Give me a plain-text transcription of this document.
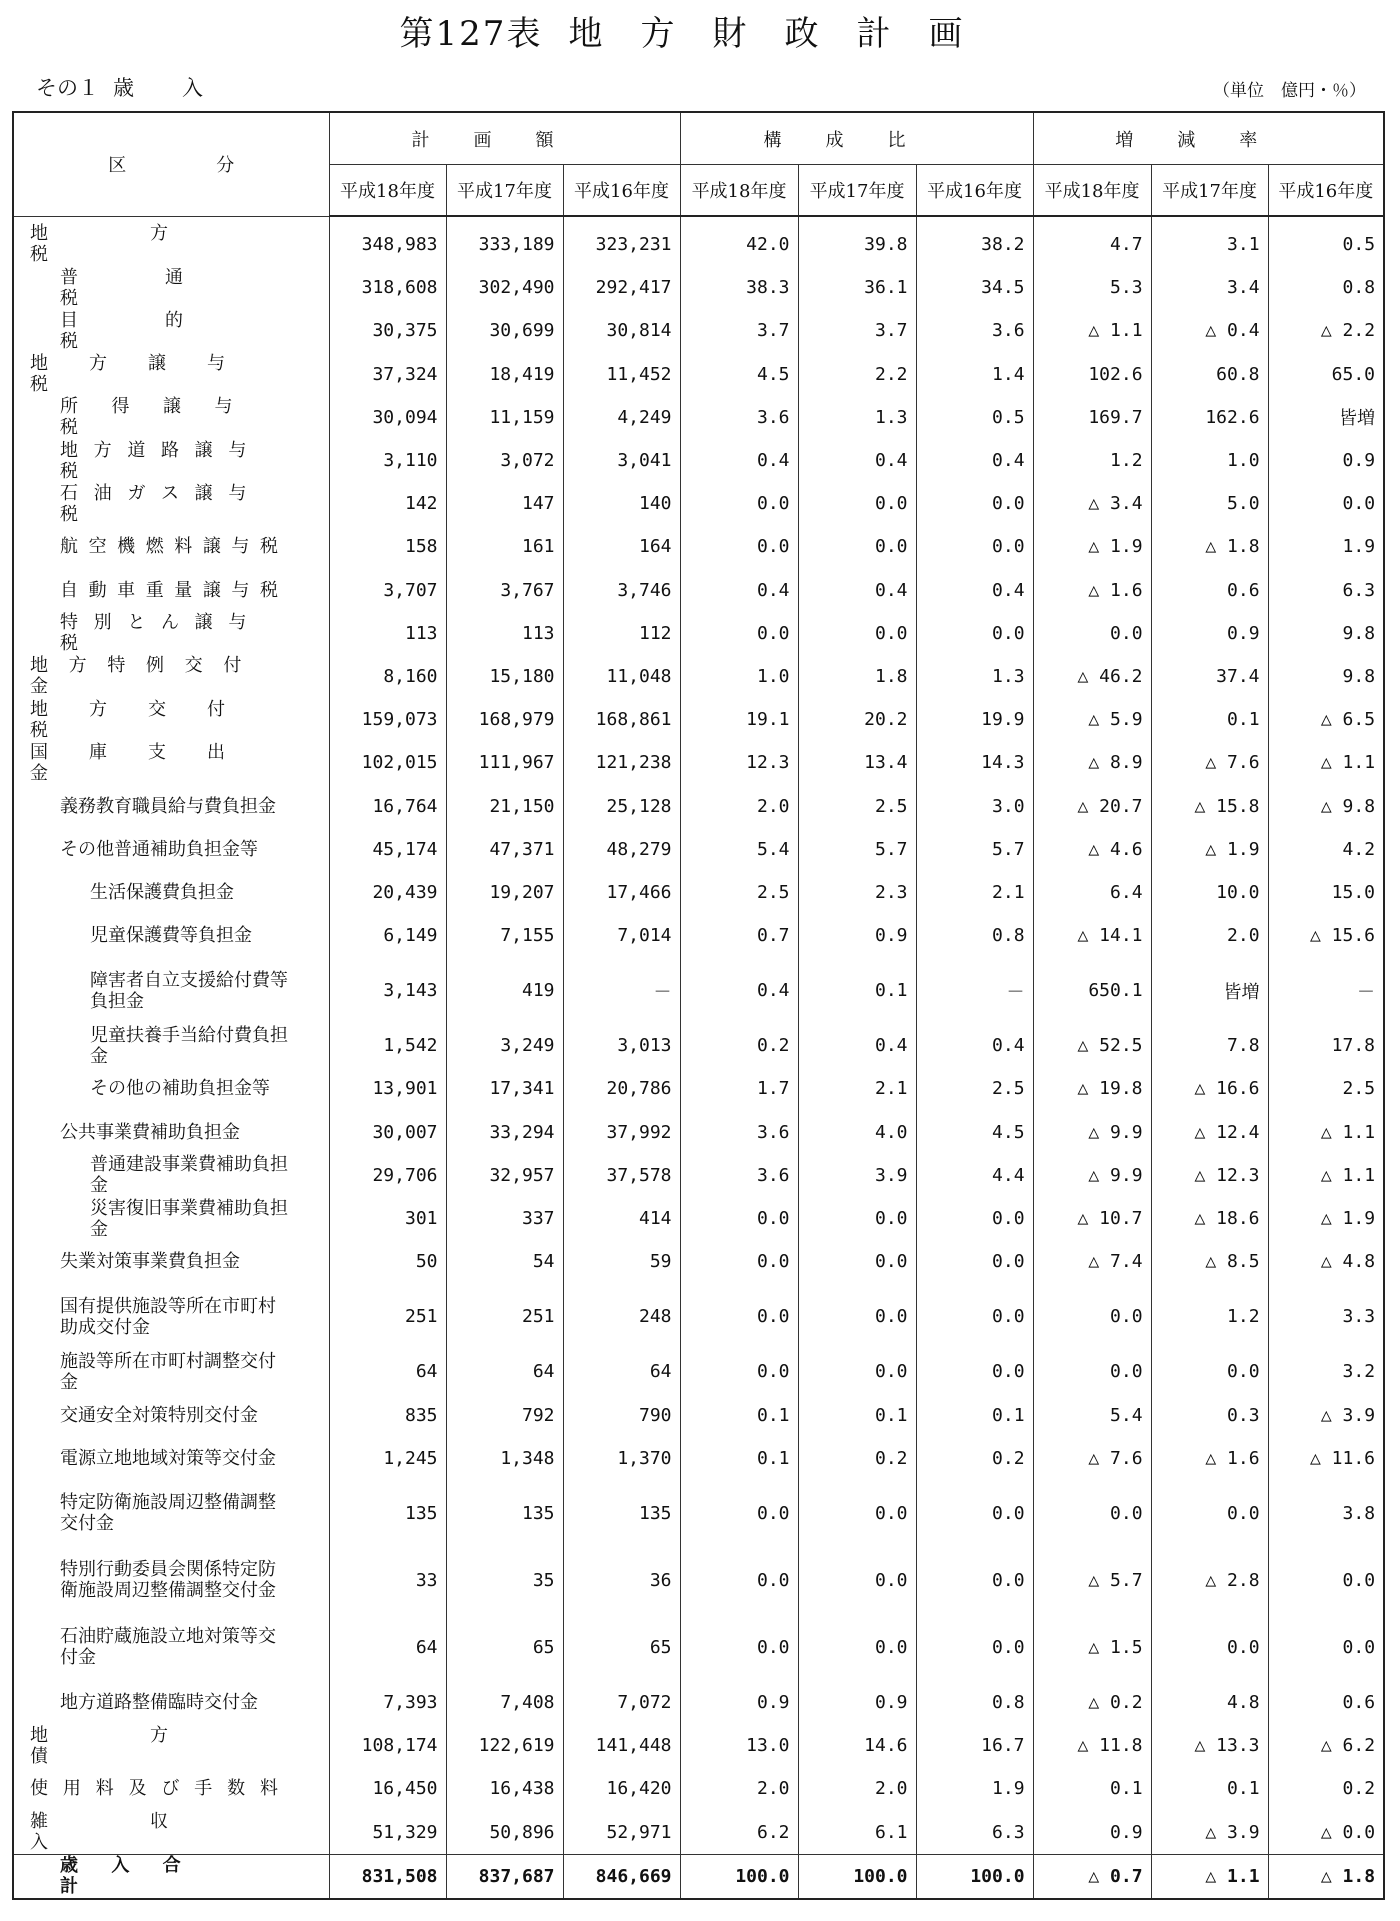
第127表 地方財政計画
その１ 歳入	（単位　億円・％）
区　　　　　分	計画額			構成比			増減率		
	平成18年度	平成17年度	平成16年度	平成18年度	平成17年度	平成16年度	平成18年度	平成17年度	平成16年度
地方税	348,983	333,189	323,231	42.0	39.8	38.2	4.7	3.1	0.5
普通税	318,608	302,490	292,417	38.3	36.1	34.5	5.3	3.4	0.8
目的税	30,375	30,699	30,814	3.7	3.7	3.6	△ 1.1	△ 0.4	△ 2.2
地方譲与税	37,324	18,419	11,452	4.5	2.2	1.4	102.6	60.8	65.0
所得譲与税	30,094	11,159	4,249	3.6	1.3	0.5	169.7	162.6	皆増
地方道路譲与税	3,110	3,072	3,041	0.4	0.4	0.4	1.2	1.0	0.9
石油ガス譲与税	142	147	140	0.0	0.0	0.0	△ 3.4	5.0	0.0
航空機燃料譲与税	158	161	164	0.0	0.0	0.0	△ 1.9	△ 1.8	1.9
自動車重量譲与税	3,707	3,767	3,746	0.4	0.4	0.4	△ 1.6	0.6	6.3
特別とん譲与税	113	113	112	0.0	0.0	0.0	0.0	0.9	9.8
地方特例交付金	8,160	15,180	11,048	1.0	1.8	1.3	△ 46.2	37.4	9.8
地方交付税	159,073	168,979	168,861	19.1	20.2	19.9	△ 5.9	0.1	△ 6.5
国庫支出金	102,015	111,967	121,238	12.3	13.4	14.3	△ 8.9	△ 7.6	△ 1.1
義務教育職員給与費負担金	16,764	21,150	25,128	2.0	2.5	3.0	△ 20.7	△ 15.8	△ 9.8
その他普通補助負担金等	45,174	47,371	48,279	5.4	5.7	5.7	△ 4.6	△ 1.9	4.2
生活保護費負担金	20,439	19,207	17,466	2.5	2.3	2.1	6.4	10.0	15.0
児童保護費等負担金	6,149	7,155	7,014	0.7	0.9	0.8	△ 14.1	2.0	△ 15.6
障害者自立支援給付費等負担金	3,143	419	－	0.4	0.1	－	650.1	皆増	－
児童扶養手当給付費負担金	1,542	3,249	3,013	0.2	0.4	0.4	△ 52.5	7.8	17.8
その他の補助負担金等	13,901	17,341	20,786	1.7	2.1	2.5	△ 19.8	△ 16.6	2.5
公共事業費補助負担金	30,007	33,294	37,992	3.6	4.0	4.5	△ 9.9	△ 12.4	△ 1.1
普通建設事業費補助負担金	29,706	32,957	37,578	3.6	3.9	4.4	△ 9.9	△ 12.3	△ 1.1
災害復旧事業費補助負担金	301	337	414	0.0	0.0	0.0	△ 10.7	△ 18.6	△ 1.9
失業対策事業費負担金	50	54	59	0.0	0.0	0.0	△ 7.4	△ 8.5	△ 4.8
国有提供施設等所在市町村助成交付金	251	251	248	0.0	0.0	0.0	0.0	1.2	3.3
施設等所在市町村調整交付金	64	64	64	0.0	0.0	0.0	0.0	0.0	3.2
交通安全対策特別交付金	835	792	790	0.1	0.1	0.1	5.4	0.3	△ 3.9
電源立地地域対策等交付金	1,245	1,348	1,370	0.1	0.2	0.2	△ 7.6	△ 1.6	△ 11.6
特定防衛施設周辺整備調整交付金	135	135	135	0.0	0.0	0.0	0.0	0.0	3.8
特別行動委員会関係特定防衛施設周辺整備調整交付金	33	35	36	0.0	0.0	0.0	△ 5.7	△ 2.8	0.0
石油貯蔵施設立地対策等交付金	64	65	65	0.0	0.0	0.0	△ 1.5	0.0	0.0
地方道路整備臨時交付金	7,393	7,408	7,072	0.9	0.9	0.8	△ 0.2	4.8	0.6
地方債	108,174	122,619	141,448	13.0	14.6	16.7	△ 11.8	△ 13.3	△ 6.2
使用料及び手数料	16,450	16,438	16,420	2.0	2.0	1.9	0.1	0.1	0.2
雑収入	51,329	50,896	52,971	6.2	6.1	6.3	0.9	△ 3.9	△ 0.0
歳入合計	831,508	837,687	846,669	100.0	100.0	100.0	△ 0.7	△ 1.1	△ 1.8
